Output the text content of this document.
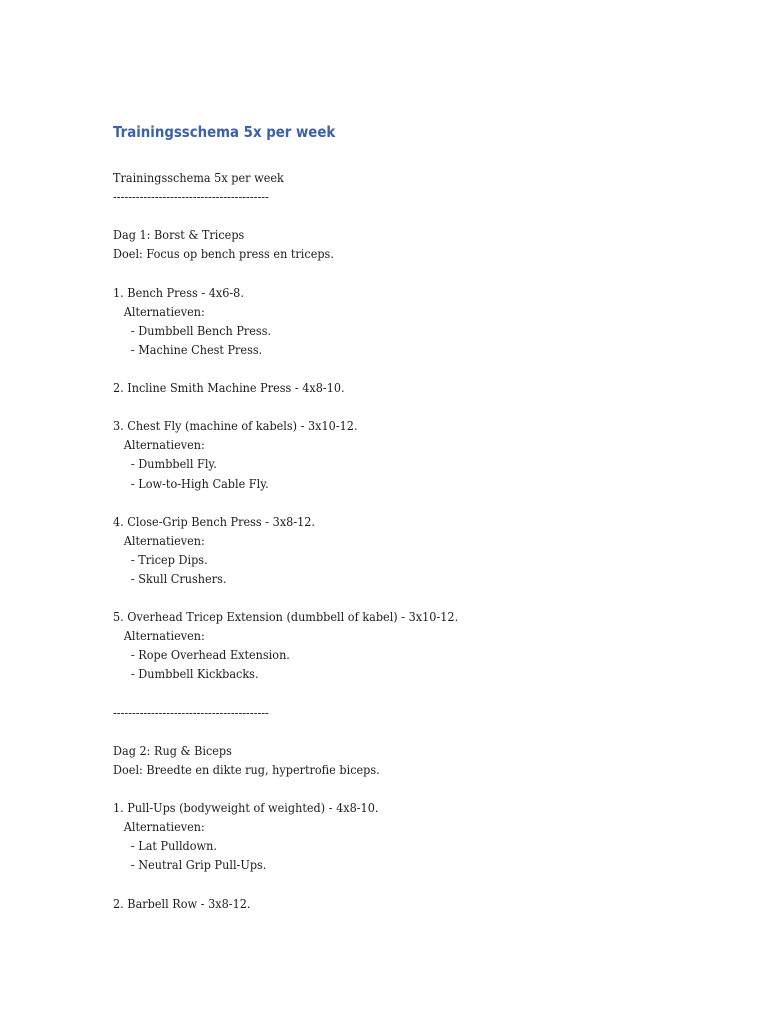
Trainingsschema 5x per week
Trainingsschema 5x per week
-----------------------------------------
Dag 1: Borst & Triceps
Doel: Focus op bench press en triceps.
1. Bench Press - 4x6-8.
Alternatieven:
- Dumbbell Bench Press.
- Machine Chest Press.
2. Incline Smith Machine Press - 4x8-10.
3. Chest Fly (machine of kabels) - 3x10-12.
Alternatieven:
- Dumbbell Fly.
- Low-to-High Cable Fly.
4. Close-Grip Bench Press - 3x8-12.
Alternatieven:
- Tricep Dips.
- Skull Crushers.
5. Overhead Tricep Extension (dumbbell of kabel) - 3x10-12.
Alternatieven:
- Rope Overhead Extension.
- Dumbbell Kickbacks.
-----------------------------------------
Dag 2: Rug & Biceps
Doel: Breedte en dikte rug, hypertrofie biceps.
1. Pull-Ups (bodyweight of weighted) - 4x8-10.
Alternatieven:
- Lat Pulldown.
- Neutral Grip Pull-Ups.
2. Barbell Row - 3x8-12.
